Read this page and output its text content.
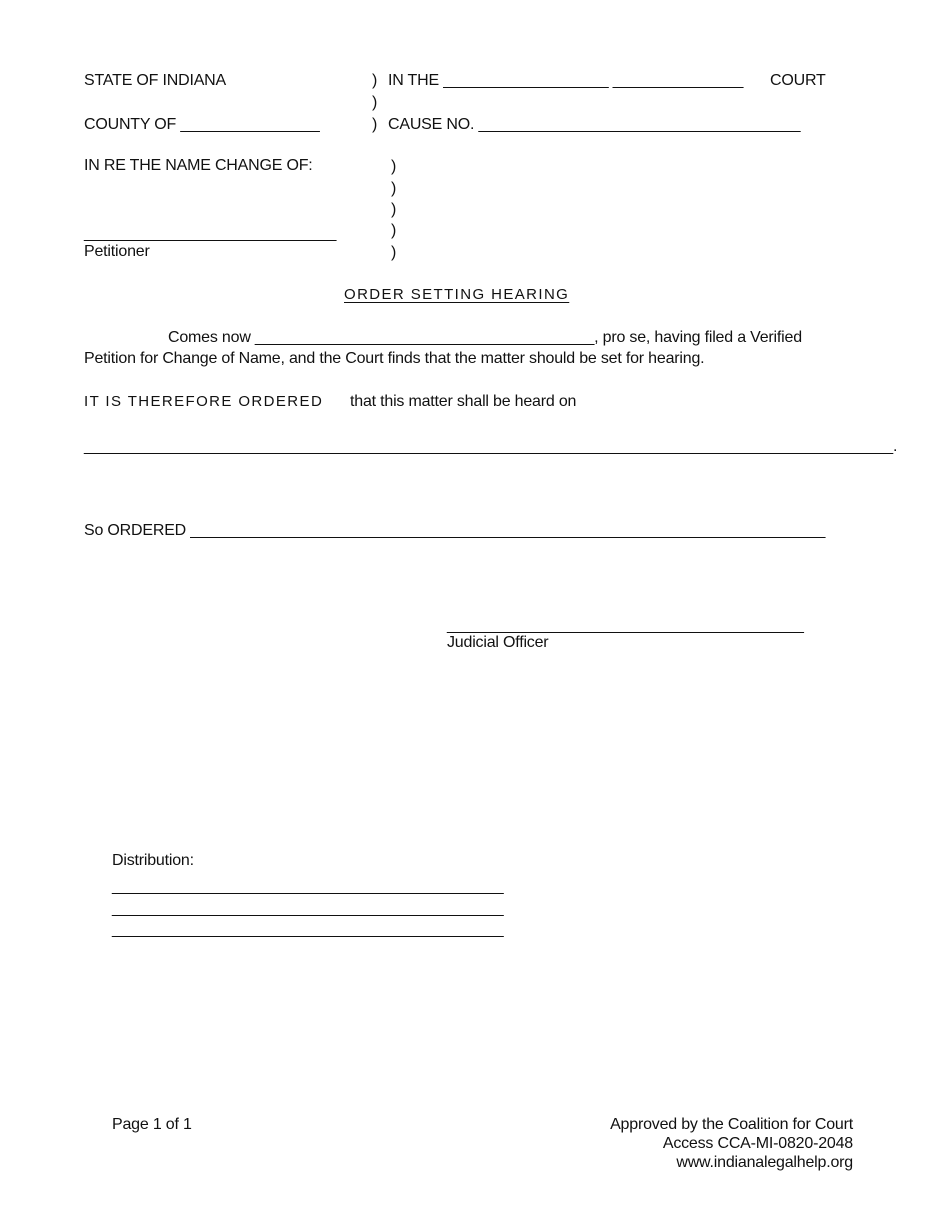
STATE OF INDIANA	) IN THE ___________________ _______________ COURT
)
COUNTY OF ________________	) CAUSE NO. _____________________________________
IN RE THE NAME CHANGE OF:	)
)
)
)
)
_____________________________
Petitioner
ORDER SETTING HEARING
Comes now _______________________________________, pro se, having filed a Verified
Petition for Change of Name, and the Court finds that the matter should be set for hearing.
IT IS THEREFORE ORDERED that this matter shall be heard on
_____________________________________________________________________________________________.
So ORDERED _________________________________________________________________________
_________________________________________
Judicial Officer
Distribution:
_____________________________________________
_____________________________________________
_____________________________________________
Page 1 of 1	Approved by the Coalition for Court
Access CCA-MI-0820-2048
www.indianalegalhelp.org
